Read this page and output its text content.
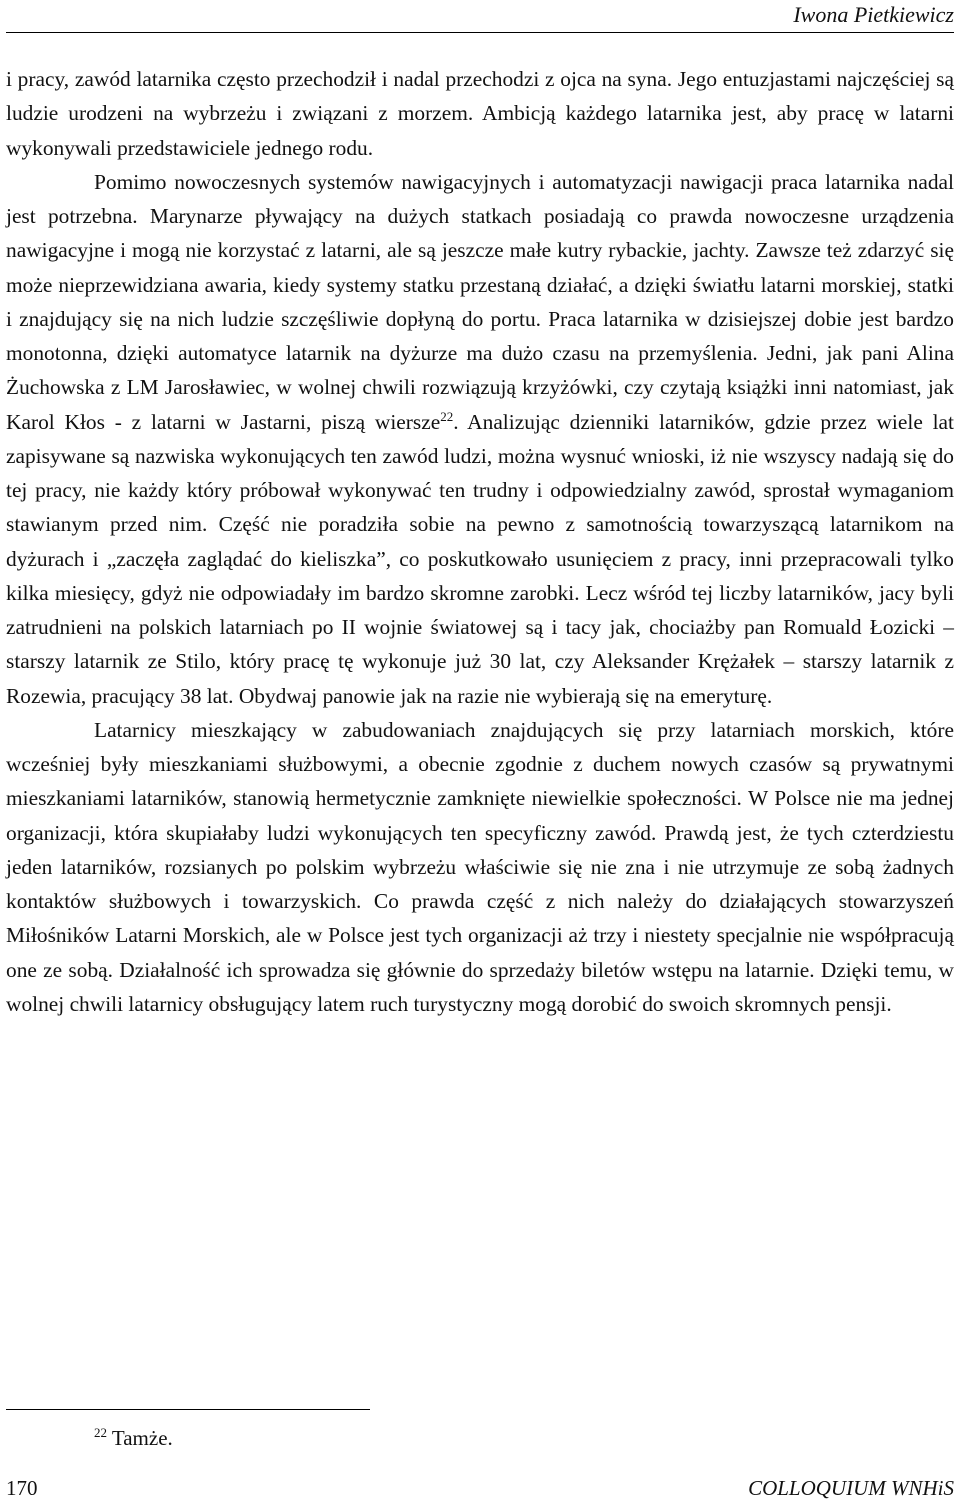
Iwona Pietkiewicz

i pracy, zawód latarnika często przechodził i nadal przechodzi z ojca na syna. Jego entuzjastami najczęściej są ludzie urodzeni na wybrzeżu i związani z morzem. Ambicją każdego latarnika jest, aby pracę w latarni wykonywali przedstawiciele jednego rodu.

Pomimo nowoczesnych systemów nawigacyjnych i automatyzacji nawigacji praca latarnika nadal jest potrzebna. Marynarze pływający na dużych statkach posiadają co prawda nowoczesne urządzenia nawigacyjne i mogą nie korzystać z latarni, ale są jeszcze małe kutry rybackie, jachty. Zawsze też zdarzyć się może nieprzewidziana awaria, kiedy systemy statku przestaną działać, a dzięki światłu latarni morskiej, statki i znajdujący się na nich ludzie szczęśliwie dopłyną do portu. Praca latarnika w dzisiejszej dobie jest bardzo monotonna, dzięki automatyce latarnik na dyżurze ma dużo czasu na przemyślenia. Jedni, jak pani Alina Żuchowska z LM Jarosławiec, w wolnej chwili rozwiązują krzyżówki, czy czytają książki inni natomiast, jak Karol Kłos - z latarni w Jastarni, piszą wiersze$^{22}$. Analizując dzienniki latarników, gdzie przez wiele lat zapisywane są nazwiska wykonujących ten zawód ludzi, można wysnuć wnioski, iż nie wszyscy nadają się do tej pracy, nie każdy który próbował wykonywać ten trudny i odpowiedzialny zawód, sprostał wymaganiom stawianym przed nim. Część nie poradziła sobie na pewno z samotnością towarzyszącą latarnikom na dyżurach i „zaczęła zaglądać do kieliszka”, co poskutkowało usunięciem z pracy, inni przepracowali tylko kilka miesięcy, gdyż nie odpowiadały im bardzo skromne zarobki. Lecz wśród tej liczby latarników, jacy byli zatrudnieni na polskich latarniach po II wojnie światowej są i tacy jak, chociażby pan Romuald Łozicki – starszy latarnik ze Stilo, który pracę tę wykonuje już 30 lat, czy Aleksander Krężałek – starszy latarnik z Rozewia, pracujący 38 lat. Obydwaj panowie jak na razie nie wybierają się na emeryturę.

Latarnicy mieszkający w zabudowaniach znajdujących się przy latarniach morskich, które wcześniej były mieszkaniami służbowymi, a obecnie zgodnie z duchem nowych czasów są prywatnymi mieszkaniami latarników, stanowią hermetycznie zamknięte niewielkie społeczności. W Polsce nie ma jednej organizacji, która skupiałaby ludzi wykonujących ten specyficzny zawód. Prawdą jest, że tych czterdziestu jeden latarników, rozsianych po polskim wybrzeżu właściwie się nie zna i nie utrzymuje ze sobą żadnych kontaktów służbowych i towarzyskich. Co prawda część z nich należy do działających stowarzyszeń Miłośników Latarni Morskich, ale w Polsce jest tych organizacji aż trzy i niestety specjalnie nie współpracują one ze sobą. Działalność ich sprowadza się głównie do sprzedaży biletów wstępu na latarnie. Dzięki temu, w wolnej chwili latarnicy obsługujący latem ruch turystyczny mogą dorobić do swoich skromnych pensji.

$^{22}$ Tamże.
170	COLLOQUIUM WNHiS
